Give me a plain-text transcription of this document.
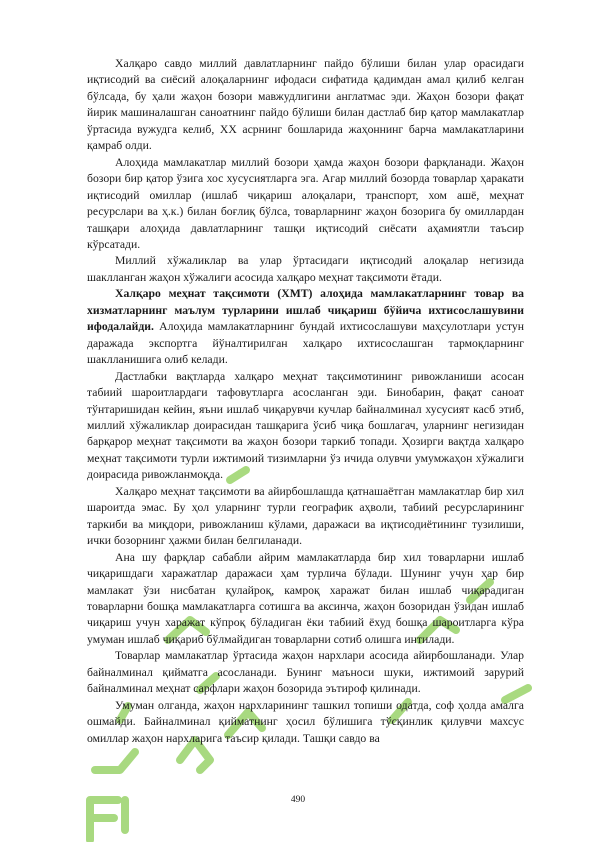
Халқаро савдо миллий давлатларнинг пайдо бўлиши билан улар орасидаги иқтисодий ва сиёсий алоқаларнинг ифодаси сифатида қадимдан амал қилиб келган бўлсада, бу ҳали жаҳон бозори мавжудлигини англатмас эди. Жаҳон бозори фақат йирик машиналашган саноатнинг пайдо бўлиши билан дастлаб бир қатор мамлакатлар ўртасида вужудга келиб, XX асрнинг бошларида жаҳоннинг барча мамлакатларини қамраб олди.

Алоҳида мамлакатлар миллий бозори ҳамда жаҳон бозори фарқланади. Жаҳон бозори бир қатор ўзига хос хусусиятларга эга. Агар миллий бозорда товарлар ҳаракати иқтисодий омиллар (ишлаб чиқариш алоқалари, транспорт, хом ашё, меҳнат ресурслари ва ҳ.к.) билан боғлиқ бўлса, товарларнинг жаҳон бозорига бу омиллардан ташқари алоҳида давлатларнинг ташқи иқтисодий сиёсати аҳамиятли таъсир кўрсатади.

Миллий хўжаликлар ва улар ўртасидаги иқтисодий алоқалар негизида шаклланган жаҳон хўжалиги асосида халқаро меҳнат тақсимоти ётади.

Халқаро меҳнат тақсимоти (ХМТ) алоҳида мамлакатларнинг товар ва хизматларнинг маълум турларини ишлаб чиқариш бўйича ихтисослашувини ифодалайди. Алоҳида мамлакатларнинг бундай ихтисослашуви маҳсулотлари устун даражада экспортга йўналтирилган халқаро ихтисослашган тармоқларнинг шаклланишига олиб келади.

Дастлабки вақтларда халқаро меҳнат тақсимотининг ривожланиши асосан табиий шароитлардаги тафовутларга асосланган эди. Бинобарин, фақат саноат тўнтаришидан кейин, яъни ишлаб чиқарувчи кучлар байналминал хусусият касб этиб, миллий хўжаликлар доирасидан ташқарига ўсиб чиқа бошлагач, уларнинг негизидан барқарор меҳнат тақсимоти ва жаҳон бозори таркиб топади. Ҳозирги вақтда халқаро меҳнат тақсимоти турли ижтимоий тизимларни ўз ичида олувчи умумжаҳон хўжалиги доирасида ривожланмоқда.

Халқаро меҳнат тақсимоти ва айирбошлашда қатнашаётган мамлакатлар бир хил шароитда эмас. Бу ҳол уларнинг турли географик аҳволи, табиий ресурсларининг таркиби ва миқдори, ривожланиш кўлами, даражаси ва иқтисодиётининг тузилиши, ички бозорнинг ҳажми билан белгиланади.

Ана шу фарқлар сабабли айрим мамлакатларда бир хил товарларни ишлаб чиқаришдаги харажатлар даражаси ҳам турлича бўлади. Шунинг учун ҳар бир мамлакат ўзи нисбатан қулайроқ, камроқ харажат билан ишлаб чиқарадиган товарларни бошқа мамлакатларга сотишга ва аксинча, жаҳон бозоридан ўзидан ишлаб чиқариш учун харажат кўпроқ бўладиган ёки табиий ёхуд бошқа шароитларга кўра умуман ишлаб чиқариб бўлмайдиган товарларни сотиб олишга интилади.

Товарлар мамлакатлар ўртасида жаҳон нархлари асосида айирбошланади. Улар байналминал қийматга асосланади. Бунинг маъноси шуки, ижтимоий зарурий байналминал меҳнат сарфлари жаҳон бозорида эътироф қилинади.

Умуман олганда, жаҳон нархларининг ташкил топиши одатда, соф ҳолда амалга ошмайди. Байналминал қийматнинг ҳосил бўлишига тўсқинлик қилувчи махсус омиллар жаҳон нархларига таъсир қилади. Ташқи савдо ва

490
